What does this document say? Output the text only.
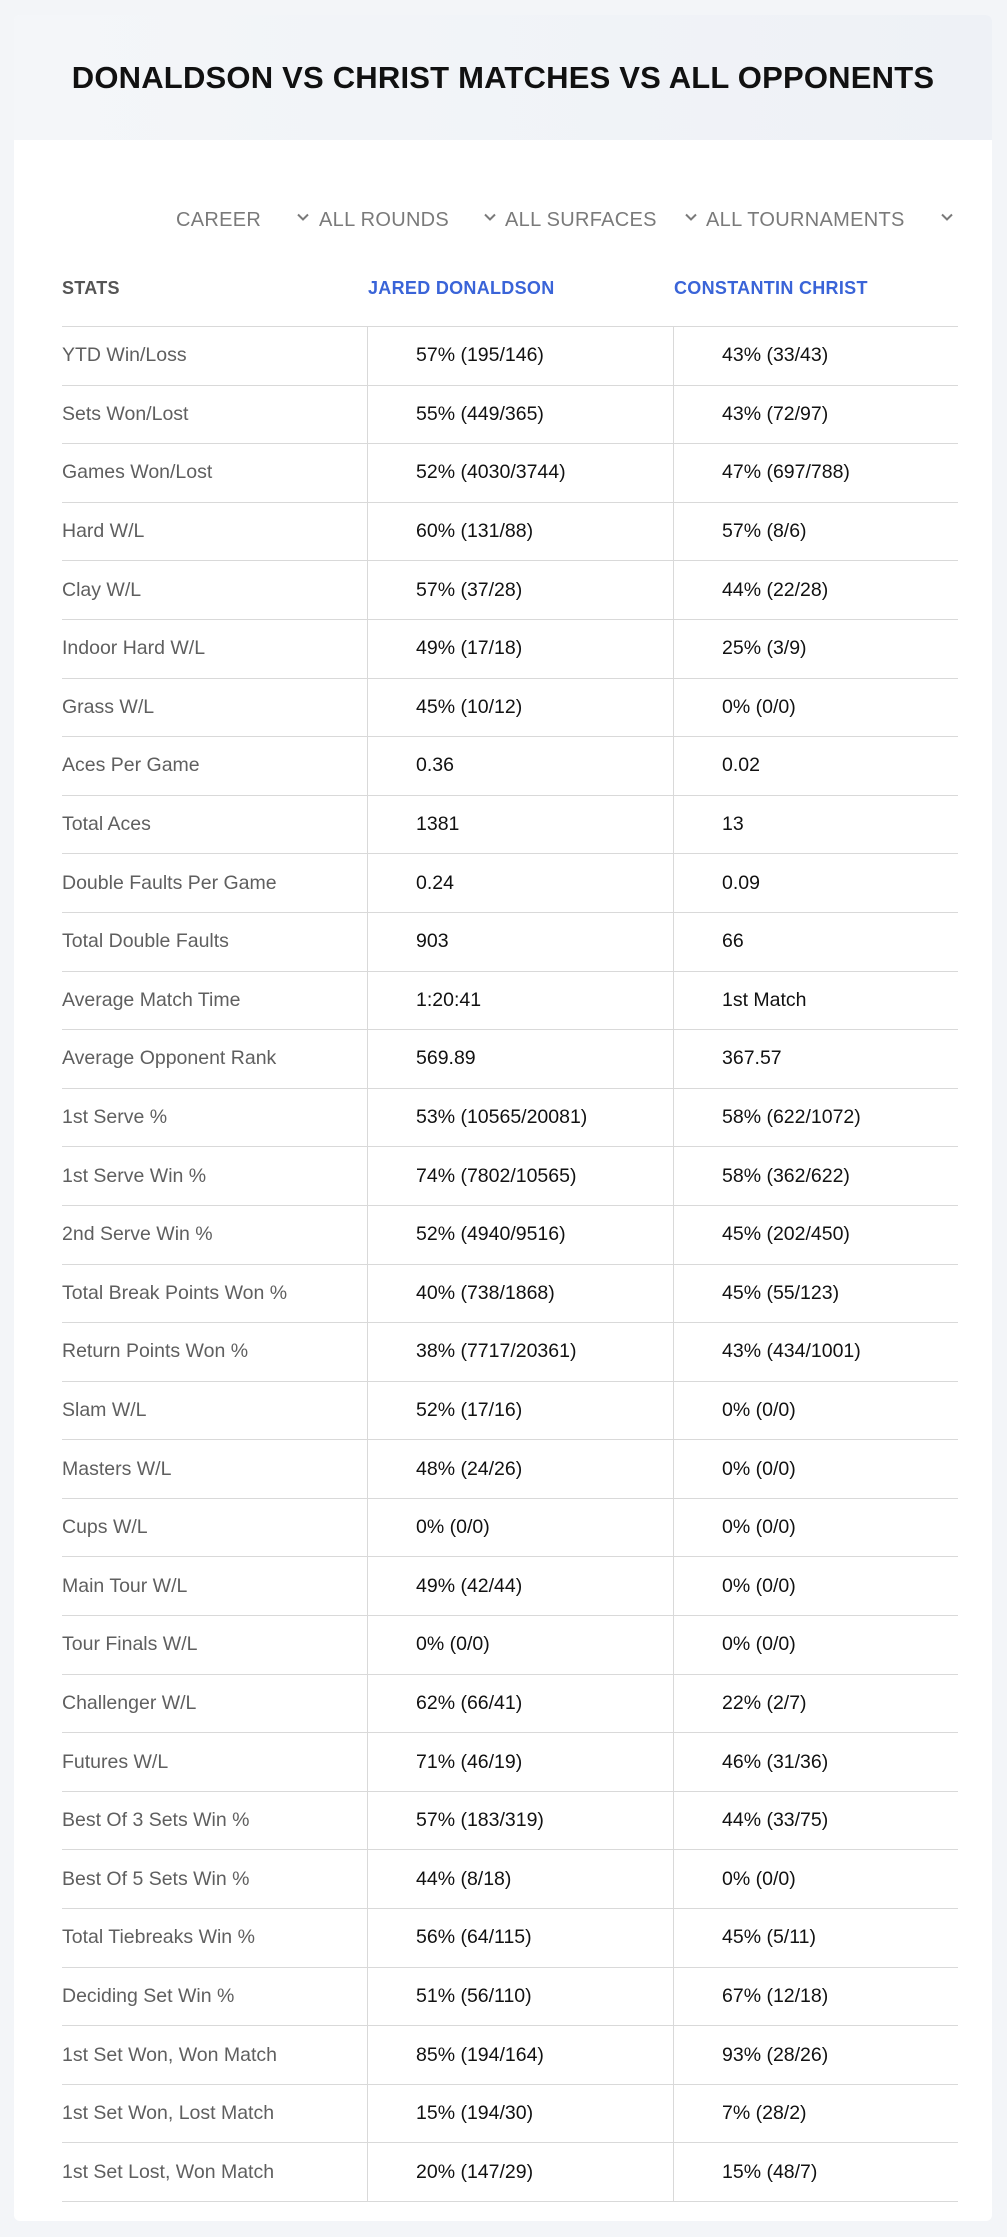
DONALDSON VS CHRIST MATCHES VS ALL OPPONENTS
CAREER	ALL ROUNDS	ALL SURFACES ALL TOURNAMENTS
STATS	JARED DONALDSON	CONSTANTIN CHRIST
YTD Win/Loss	57% (195/146)	43% (33/43)
Sets Won/Lost	55% (449/365)	43% (72/97)
Games Won/Lost	52% (4030/3744)	47% (697/788)
Hard W/L	60% (131/88)	57% (8/6)
Clay W/L	57% (37/28)	44% (22/28)
Indoor Hard W/L	49% (17/18)	25% (3/9)
Grass W/L	45% (10/12)	0% (0/0)
Aces Per Game	0.36	0.02
Total Aces	1381	13
Double Faults Per Game	0.24	0.09
Total Double Faults	903	66
Average Match Time	1:20:41	1st Match
Average Opponent Rank	569.89	367.57
1st Serve %	53% (10565/20081)	58% (622/1072)
1st Serve Win %	74% (7802/10565)	58% (362/622)
2nd Serve Win %	52% (4940/9516)	45% (202/450)
Total Break Points Won %	40% (738/1868)	45% (55/123)
Return Points Won %	38% (7717/20361)	43% (434/1001)
Slam W/L	52% (17/16)	0% (0/0)
Masters W/L	48% (24/26)	0% (0/0)
Cups W/L	0% (0/0)	0% (0/0)
Main Tour W/L	49% (42/44)	0% (0/0)
Tour Finals W/L	0% (0/0)	0% (0/0)
Challenger W/L	62% (66/41)	22% (2/7)
Futures W/L	71% (46/19)	46% (31/36)
Best Of 3 Sets Win %	57% (183/319)	44% (33/75)
Best Of 5 Sets Win %	44% (8/18)	0% (0/0)
Total Tiebreaks Win %	56% (64/115)	45% (5/11)
Deciding Set Win %	51% (56/110)	67% (12/18)
1st Set Won, Won Match	85% (194/164)	93% (28/26)
1st Set Won, Lost Match	15% (194/30)	7% (28/2)
1st Set Lost, Won Match	20% (147/29)	15% (48/7)
